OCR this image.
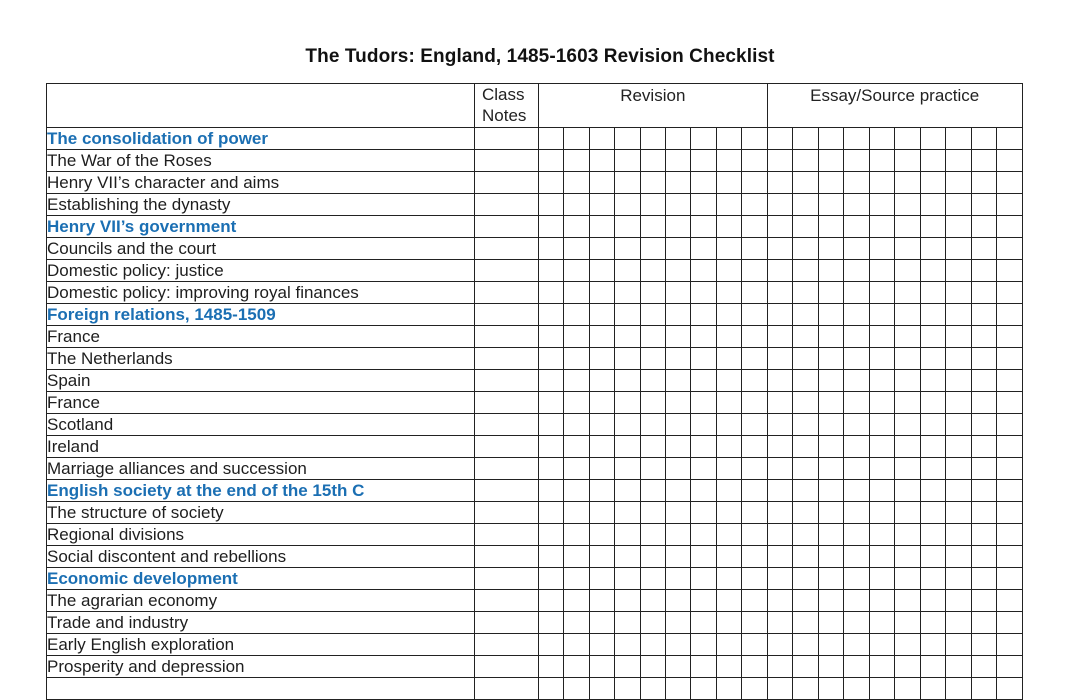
The Tudors: England, 1485-1603 Revision Checklist
	Class
Notes	Revision									Essay/Source practice									
The consolidation of power																				
The War of the Roses																				
Henry VII’s character and aims																				
Establishing the dynasty																				
Henry VII’s government																				
Councils and the court																				
Domestic policy: justice																				
Domestic policy: improving royal finances																				
Foreign relations, 1485-1509																				
France																				
The Netherlands																				
Spain																				
France																				
Scotland																				
Ireland																				
Marriage alliances and succession																				
English society at the end of the 15th C																				
The structure of society																				
Regional divisions																				
Social discontent and rebellions																				
Economic development																				
The agrarian economy																				
Trade and industry																				
Early English exploration																				
Prosperity and depression																				
